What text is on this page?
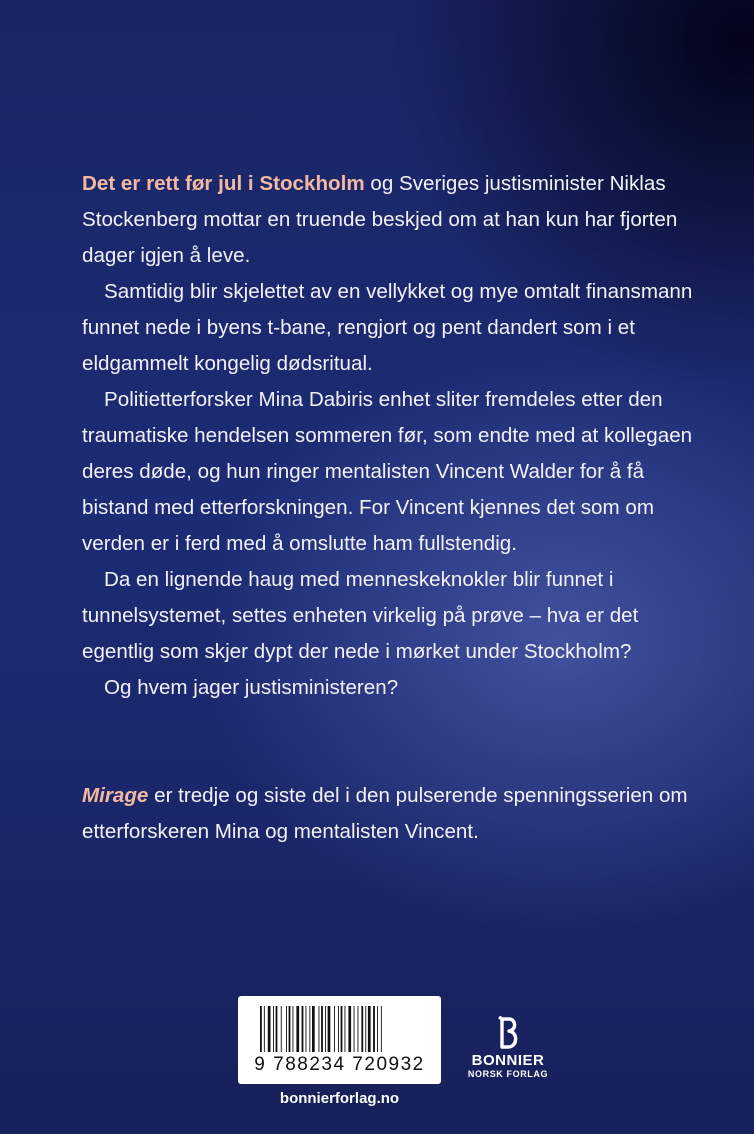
Det er rett før jul i Stockholm og Sveriges justisminister Niklas Stockenberg mottar en truende beskjed om at han kun har fjorten dager igjen å leve.

Samtidig blir skjelettet av en vellykket og mye omtalt finansmann funnet nede i byens t-bane, rengjort og pent dandert som i et eldgammelt kongelig dødsritual.

Politietterforsker Mina Dabiris enhet sliter fremdeles etter den traumatiske hendelsen sommeren før, som endte med at kollegaen deres døde, og hun ringer mentalisten Vincent Walder for å få bistand med etterforskningen. For Vincent kjennes det som om verden er i ferd med å omslutte ham fullstendig.

Da en lignende haug med menneskeknokler blir funnet i tunnelsystemet, settes enheten virkelig på prøve – hva er det egentlig som skjer dypt der nede i mørket under Stockholm?

Og hvem jager justisministeren?

Mirage er tredje og siste del i den pulserende spenningsserien om etterforskeren Mina og mentalisten Vincent.

9 788234 720932
bonnierforlag.no
BONNIER
NORSK FORLAG
